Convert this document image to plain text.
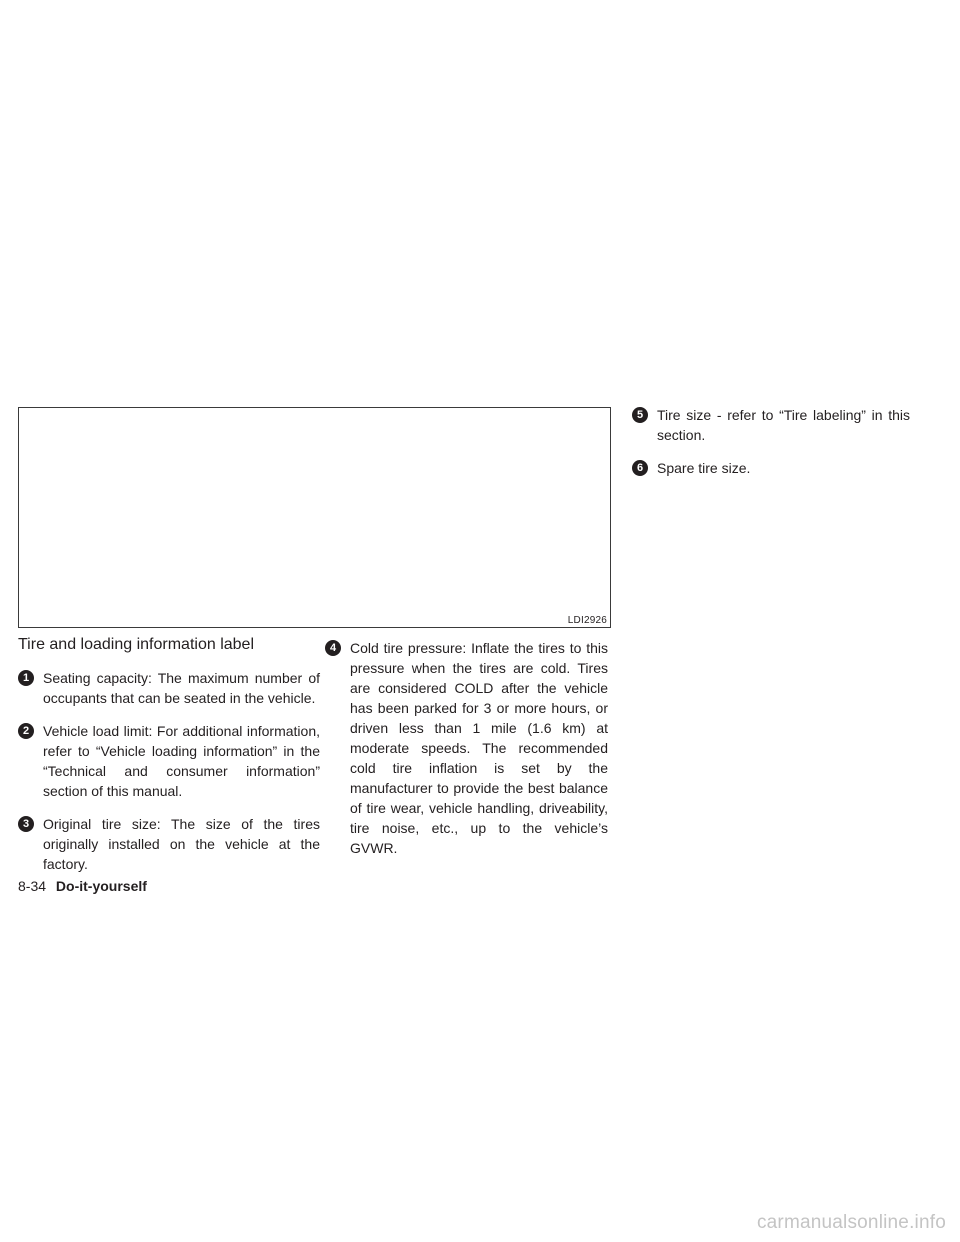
LDI2926
Tire and loading information label
1 Seating capacity: The maximum number of occupants that can be seated in the vehicle.
2 Vehicle load limit: For additional information, refer to “Vehicle loading information” in the “Technical and consumer information” section of this manual.
3 Original tire size: The size of the tires originally installed on the vehicle at the factory.
4 Cold tire pressure: Inflate the tires to this pressure when the tires are cold. Tires are considered COLD after the vehicle has been parked for 3 or more hours, or driven less than 1 mile (1.6 km) at moderate speeds. The recommended cold tire inflation is set by the manufacturer to provide the best balance of tire wear, vehicle handling, driveability, tire noise, etc., up to the vehicle’s GVWR.
5 Tire size - refer to “Tire labeling” in this section.
6 Spare tire size.
8-34 Do-it-yourself
carmanualsonline.info
